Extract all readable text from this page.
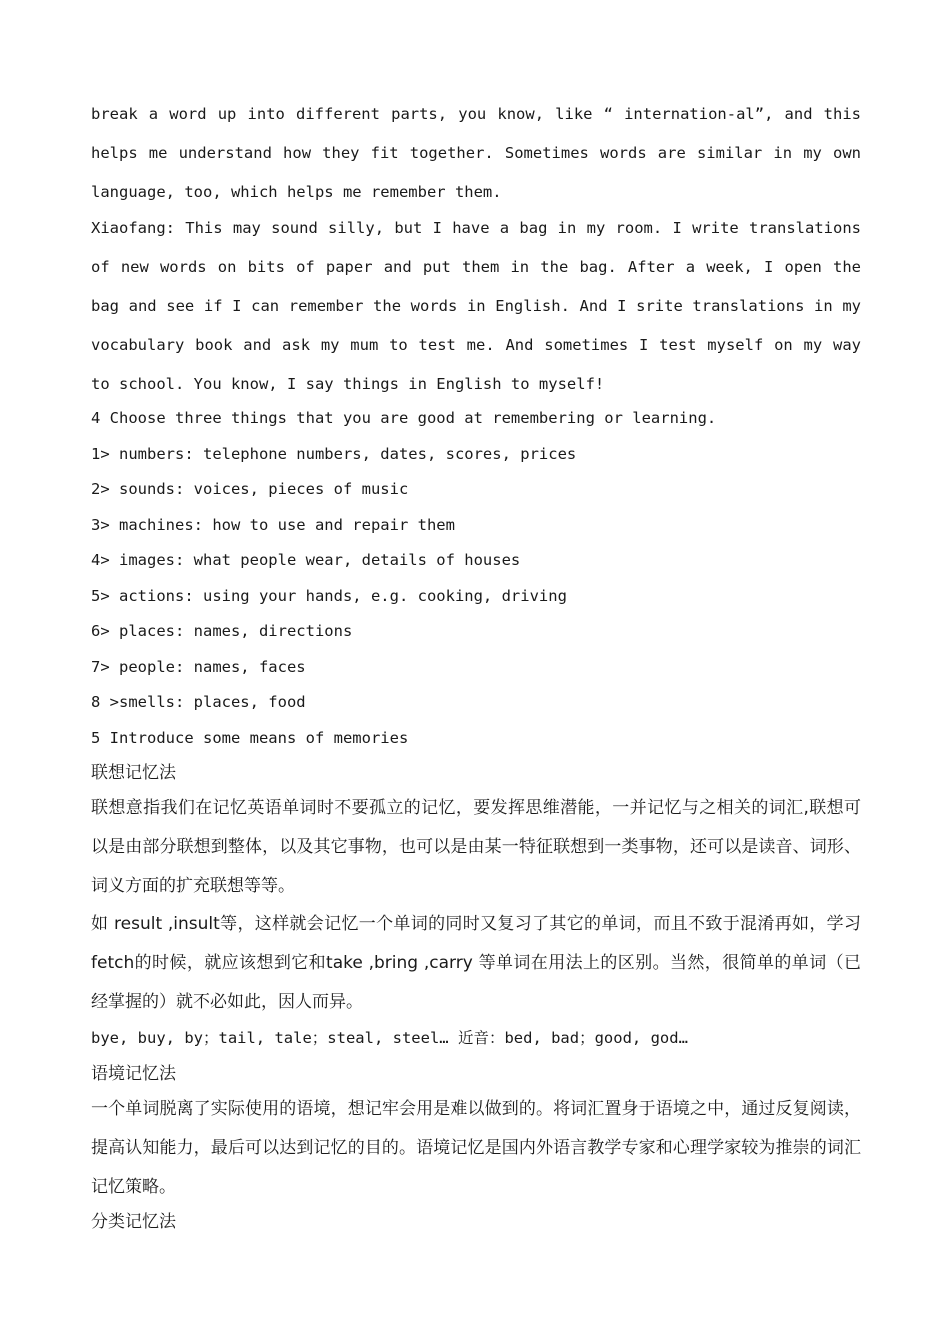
break a word up into different parts, you know, like “ internation-al”, and this helps me understand how they fit together. Sometimes words are similar in my own language, too, which helps me remember them.

Xiaofang: This may sound silly, but I have a bag in my room. I write translations of new words on bits of paper and put them in the bag. After a week, I open the bag and see if I can remember the words in English. And I srite translations in my vocabulary book and ask my mum to test me. And sometimes I test myself on my way to school. You know, I say things in English to myself!

4 Choose three things that you are good at remembering or learning.

1> numbers: telephone numbers, dates, scores, prices

2> sounds: voices, pieces of music

3> machines: how to use and repair them

4> images: what people wear, details of houses

5> actions: using your hands, e.g. cooking, driving

6> places: names, directions

7> people: names, faces

8 >smells: places, food

5 Introduce some means of memories

联想记忆法

联想意指我们在记忆英语单词时不要孤立的记忆，要发挥思维潜能，一并记忆与之相关的词汇,联想可以是由部分联想到整体，以及其它事物，也可以是由某一特征联想到一类事物，还可以是读音、词形、词义方面的扩充联想等等。

如 result ,insult等，这样就会记忆一个单词的同时又复习了其它的单词，而且不致于混淆再如，学习fetch的时候，就应该想到它和take ,bring ,carry 等单词在用法上的区别。当然，很简单的单词（已经掌握的）就不必如此，因人而异。

bye, buy, by；tail, tale；steal, steel… 近音：bed, bad；good, god…

语境记忆法

一个单词脱离了实际使用的语境，想记牢会用是难以做到的。将词汇置身于语境之中，通过反复阅读，提高认知能力，最后可以达到记忆的目的。语境记忆是国内外语言教学专家和心理学家较为推崇的词汇记忆策略。

分类记忆法
